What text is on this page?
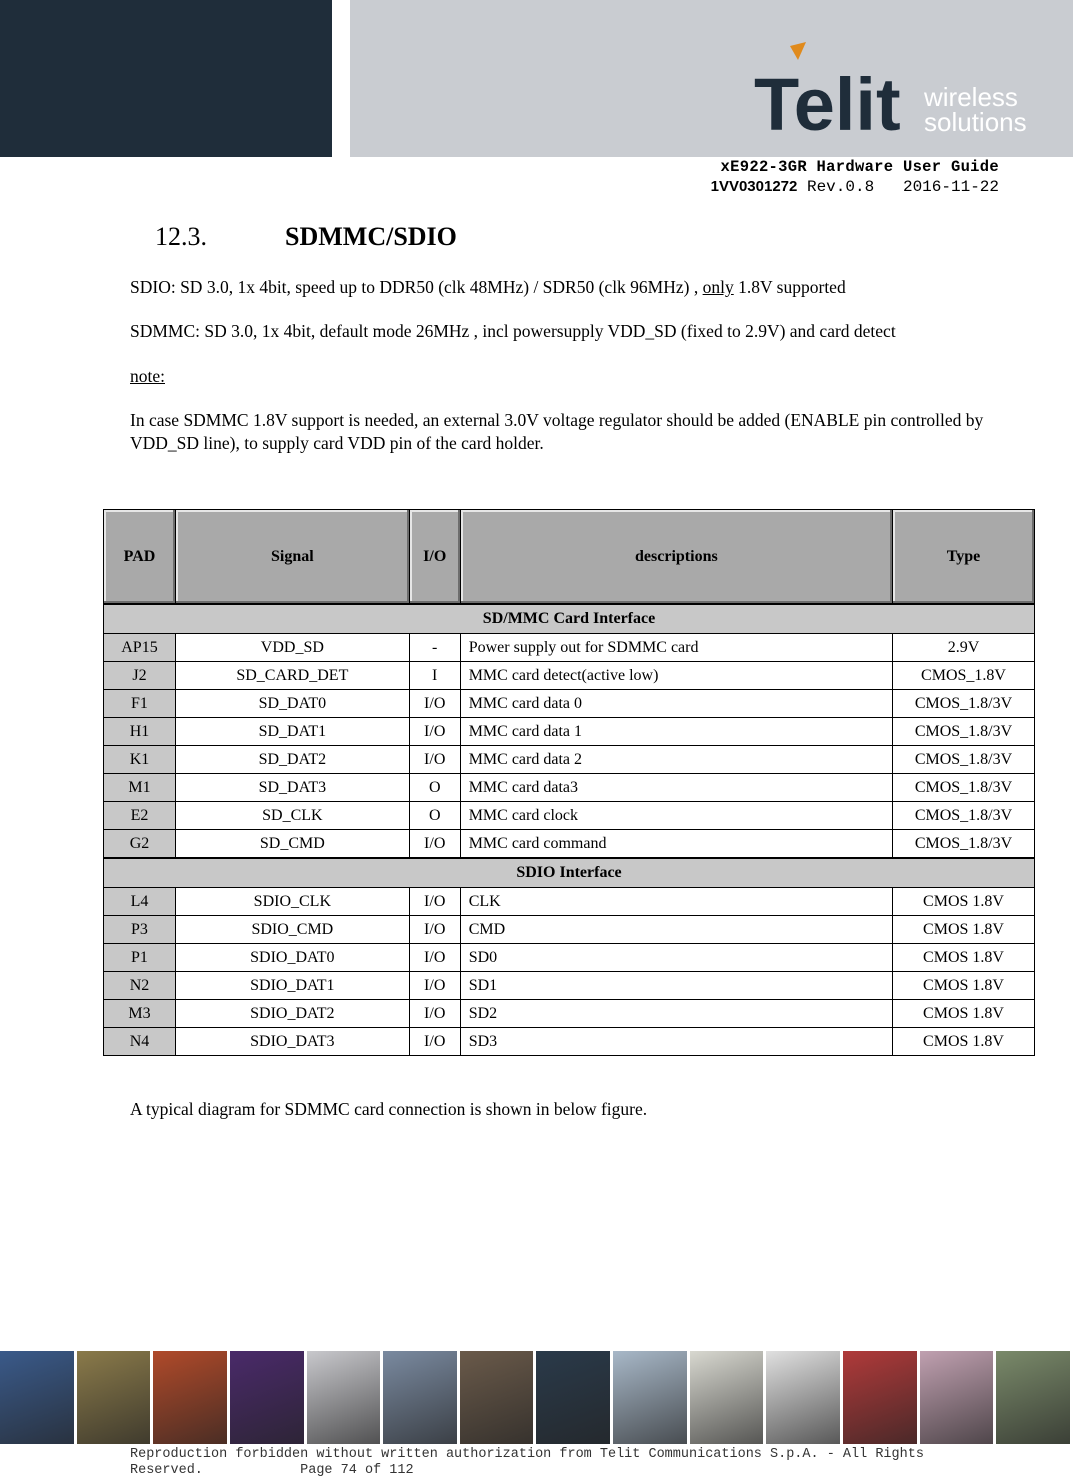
Telit wireless
solutions
xE922-3GR Hardware User Guide
1VV0301272 Rev.0.8   2016-11-22
12.3.	SDMMC/SDIO
SDIO: SD 3.0, 1x 4bit, speed up to DDR50 (clk 48MHz) / SDR50 (clk 96MHz) , only 1.8V supported
SDMMC: SD 3.0, 1x 4bit, default mode 26MHz , incl powersupply VDD_SD (fixed to 2.9V) and card detect
note:
In case SDMMC 1.8V support is needed, an external 3.0V voltage regulator should be added (ENABLE pin controlled by VDD_SD line), to supply card VDD pin of the card holder.
PAD	Signal	I/O	descriptions	Type
SD/MMC Card Interface				
AP15	VDD_SD	-	Power supply out for SDMMC card	2.9V
J2	SD_CARD_DET	I	MMC card detect(active low)	CMOS_1.8V
F1	SD_DAT0	I/O	MMC card data 0	CMOS_1.8/3V
H1	SD_DAT1	I/O	MMC card data 1	CMOS_1.8/3V
K1	SD_DAT2	I/O	MMC card data 2	CMOS_1.8/3V
M1	SD_DAT3	O	MMC card data3	CMOS_1.8/3V
E2	SD_CLK	O	MMC card clock	CMOS_1.8/3V
G2	SD_CMD	I/O	MMC card command	CMOS_1.8/3V
SDIO Interface				
L4	SDIO_CLK	I/O	CLK	CMOS 1.8V
P3	SDIO_CMD	I/O	CMD	CMOS 1.8V
P1	SDIO_DAT0	I/O	SD0	CMOS 1.8V
N2	SDIO_DAT1	I/O	SD1	CMOS 1.8V
M3	SDIO_DAT2	I/O	SD2	CMOS 1.8V
N4	SDIO_DAT3	I/O	SD3	CMOS 1.8V
A typical diagram for SDMMC card connection is shown in below figure.
Reproduction forbidden without written authorization from Telit Communications S.p.A. - All Rights
Reserved.            Page 74 of 112
